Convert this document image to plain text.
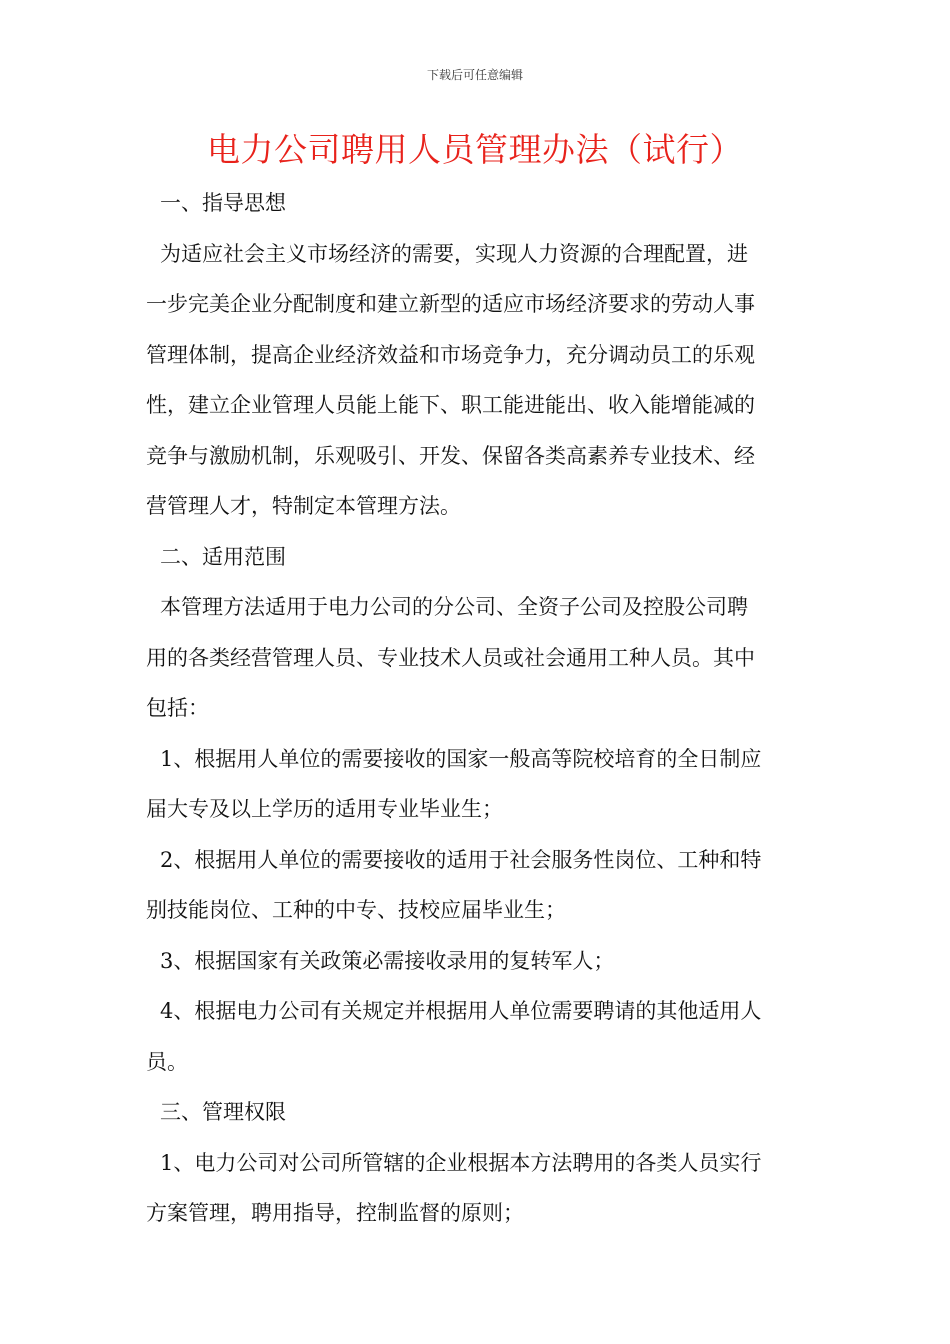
下载后可任意编辑
电力公司聘用人员管理办法（试行）
一、指导思想
为适应社会主义市场经济的需要，实现人力资源的合理配置，进
一步完美企业分配制度和建立新型的适应市场经济要求的劳动人事
管理体制，提高企业经济效益和市场竞争力，充分调动员工的乐观
性，建立企业管理人员能上能下、职工能进能出、收入能增能减的
竞争与激励机制，乐观吸引、开发、保留各类高素养专业技术、经
营管理人才，特制定本管理方法。
二、适用范围
本管理方法适用于电力公司的分公司、全资子公司及控股公司聘
用的各类经营管理人员、专业技术人员或社会通用工种人员。其中
包括：
1、根据用人单位的需要接收的国家一般高等院校培育的全日制应
届大专及以上学历的适用专业毕业生；
2、根据用人单位的需要接收的适用于社会服务性岗位、工种和特
别技能岗位、工种的中专、技校应届毕业生；
3、根据国家有关政策必需接收录用的复转军人；
4、根据电力公司有关规定并根据用人单位需要聘请的其他适用人
员。
三、管理权限
1、电力公司对公司所管辖的企业根据本方法聘用的各类人员实行
方案管理，聘用指导，控制监督的原则；
